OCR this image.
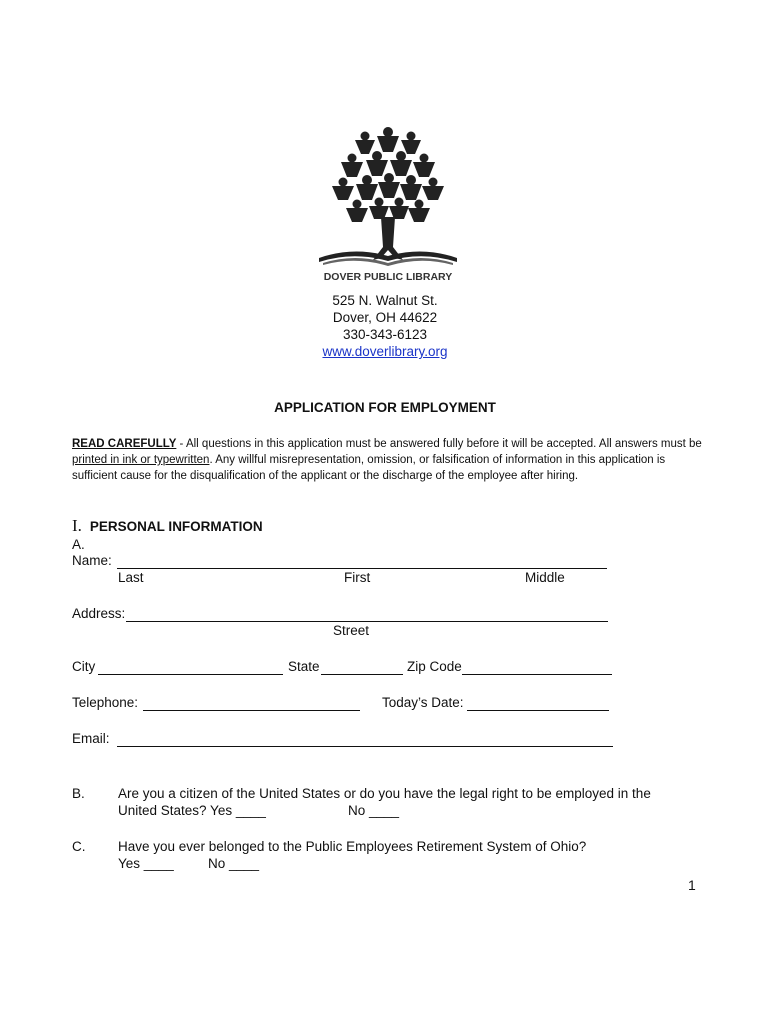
DOVER PUBLIC LIBRARY
525 N. Walnut St.
Dover, OH 44622
330-343-6123
www.doverlibrary.org
APPLICATION FOR EMPLOYMENT
READ CAREFULLY - All questions in this application must be answered fully before it will be accepted. All answers must be printed in ink or typewritten. Any willful misrepresentation, omission, or falsification of information in this application is sufficient cause for the disqualification of the applicant or the discharge of the employee after hiring.
I. PERSONAL INFORMATION
A.
Name:
Last	First	Middle
Address:
Street
City	State	Zip Code
Telephone:	Today’s Date:
Email:
B. Are you a citizen of the United States or do you have the legal right to be employed in the
United States? Yes ____	No ____
C. Have you ever belonged to the Public Employees Retirement System of Ohio?
Yes ____	No ____
1
